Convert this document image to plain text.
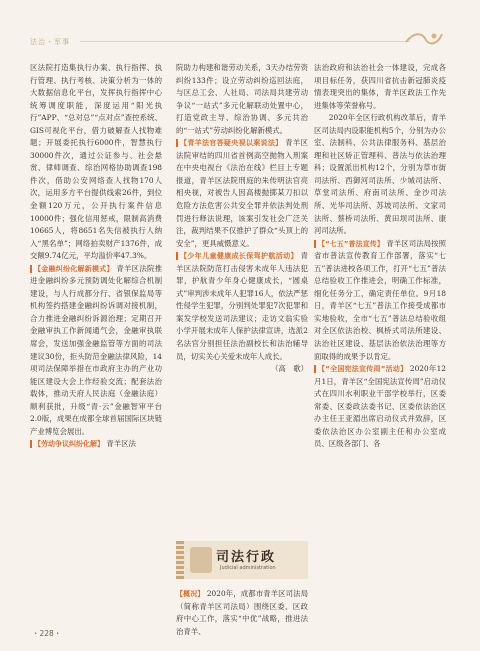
法治・军事

区法院打造集执行办案、执行指挥、执行管理、执行考核、决策分析为一体的大数据信息化平台，发挥执行指挥中心统筹调度职能，深度运用“阳光执行”APP、“总对总”“点对点”查控系统、GIS可视化平台，借力破解查人找物难题；开展委托执行6000件，智慧执行30000件次，通过公证参与、社会悬赏、律师调查、综治网格协助调查198件次，借助公安网络查人找物170人次，运用多方平台提供线索26件，到位金额120万元，公开执行案件信息10000件；强化信用惩戒，限制高消费10665人，将8651名失信被执行人纳入“黑名单”；网络拍卖财产1376件，成交额9.74亿元，平均溢价率47.3%。

【金融纠纷化解新模式】 青羊区法院推进金融纠纷多元预防调处化解综合机制建设，与人行成都分行、省银保监局等机构签约搭建金融纠纷诉调对接机制，合力推进金融纠纷诉源治理；定期召开金融审执工作新闻通气会，金融审执联席会，发送加强金融监管等方面的司法建议30份，拒头防范金融法律风险，14项司法保障举措在市政府主办的产业功能区建设大会上作经验交流；配套法治载体，推动天府人民法庭（金融法庭）顺利获批，升级“青·云”金融智审平台2.0版，成果在成都全球首届国际区块链产业博览会展出。

【劳动争议纠纷化解】 青羊区法

院助力构建和谐劳动关系，3天办结劳资纠纷133件；设立劳动纠纷巡回法庭，与区总工会、人社局、司法局共建劳动争议“一站式”多元化解联动处置中心，打造党政主导、综治协调、多元共治的“一站式”劳动纠纷化解新模式。

【青羊法官答疑央视以案说法】 青羊区法院审结的四川省首例高空抛物入刑案在中央电视台《法治在线》栏目上专题报道，青羊区法院刑庭的朱传明法官亮相央视，对被告人因高楼抛掷某刀扣以危险方法危害公共安全罪并依法判处刑罚进行释法说理，该案引发社会广泛关注，裁判结果不仅推护了群众“头顶上的安全”，更具威慑意义。

【少年儿童健康成长保驾护航活动】 青羊区法院防范打击侵害未成年人违法犯罪，护航青少年身心健康成长，“圆桌式”审判涉未成年人犯罪16人，依法严惩性侵学生犯罪，分别判处罪犯7次犯罪和案发学校发送司法建议；走访文翁实验小学开展未成年人保护法律宣讲，选派2名法官分别担任法治副校长和法治辅导员，切实关心关爱未成年人成长。
（高　歌）

司法行政
Judicial administration

【概况】 2020年，成都市青羊区司法局（简称青羊区司法局）围绕区委、区政府中心工作，落实“中优”战略，推进法治青羊、

法治政府和法治社会一体建设，完成各项目标任务，获四川省抗击新冠肺炎疫情表现突出的集体，青羊区政法工作先进集体等荣誉称号。

2020年全区行政机构改革后，青羊区司法局内设职能机构5个，分别为办公室、法制科、公共法律服务科、基层治理和社区矫正管理科、普法与依法治理科；设置派出机构12个，分别为草市街司法所、西御河司法所、少城司法所、草堂司法所、府南司法所、金沙司法所、光华司法所、苏坡司法所、文家司法所、蔡桥司法所、黄田坝司法所、康河司法所。

【“七五”普法宣传】 青羊区司法局按照省市普法宣传教育工作部署，落实“七五”普法进校各项工作，打开“七五”普法总结验收工作推进会，明确工作标准，细化任务分工，确定责任单位。9月18日，青羊区“七五”普法工作接受成都市实地验收，全市“七五”普法总结验收组对全区依法治校、枫桥式司法所建设、法治社区建设、基层法治依法治理等方面取得的成果予以肯定。

【“全国宪法宣传周”活动】 2020年12月1日，青羊区“全国宪法宣传周”启动仪式在四川水利职业干部学校举行，区委常委、区委政法委书记、区委依法治区办主任王亚湄出席启动仪式并致辞，区委依法治区办公室副主任和办公室成员、区级各部门、各

・228・
